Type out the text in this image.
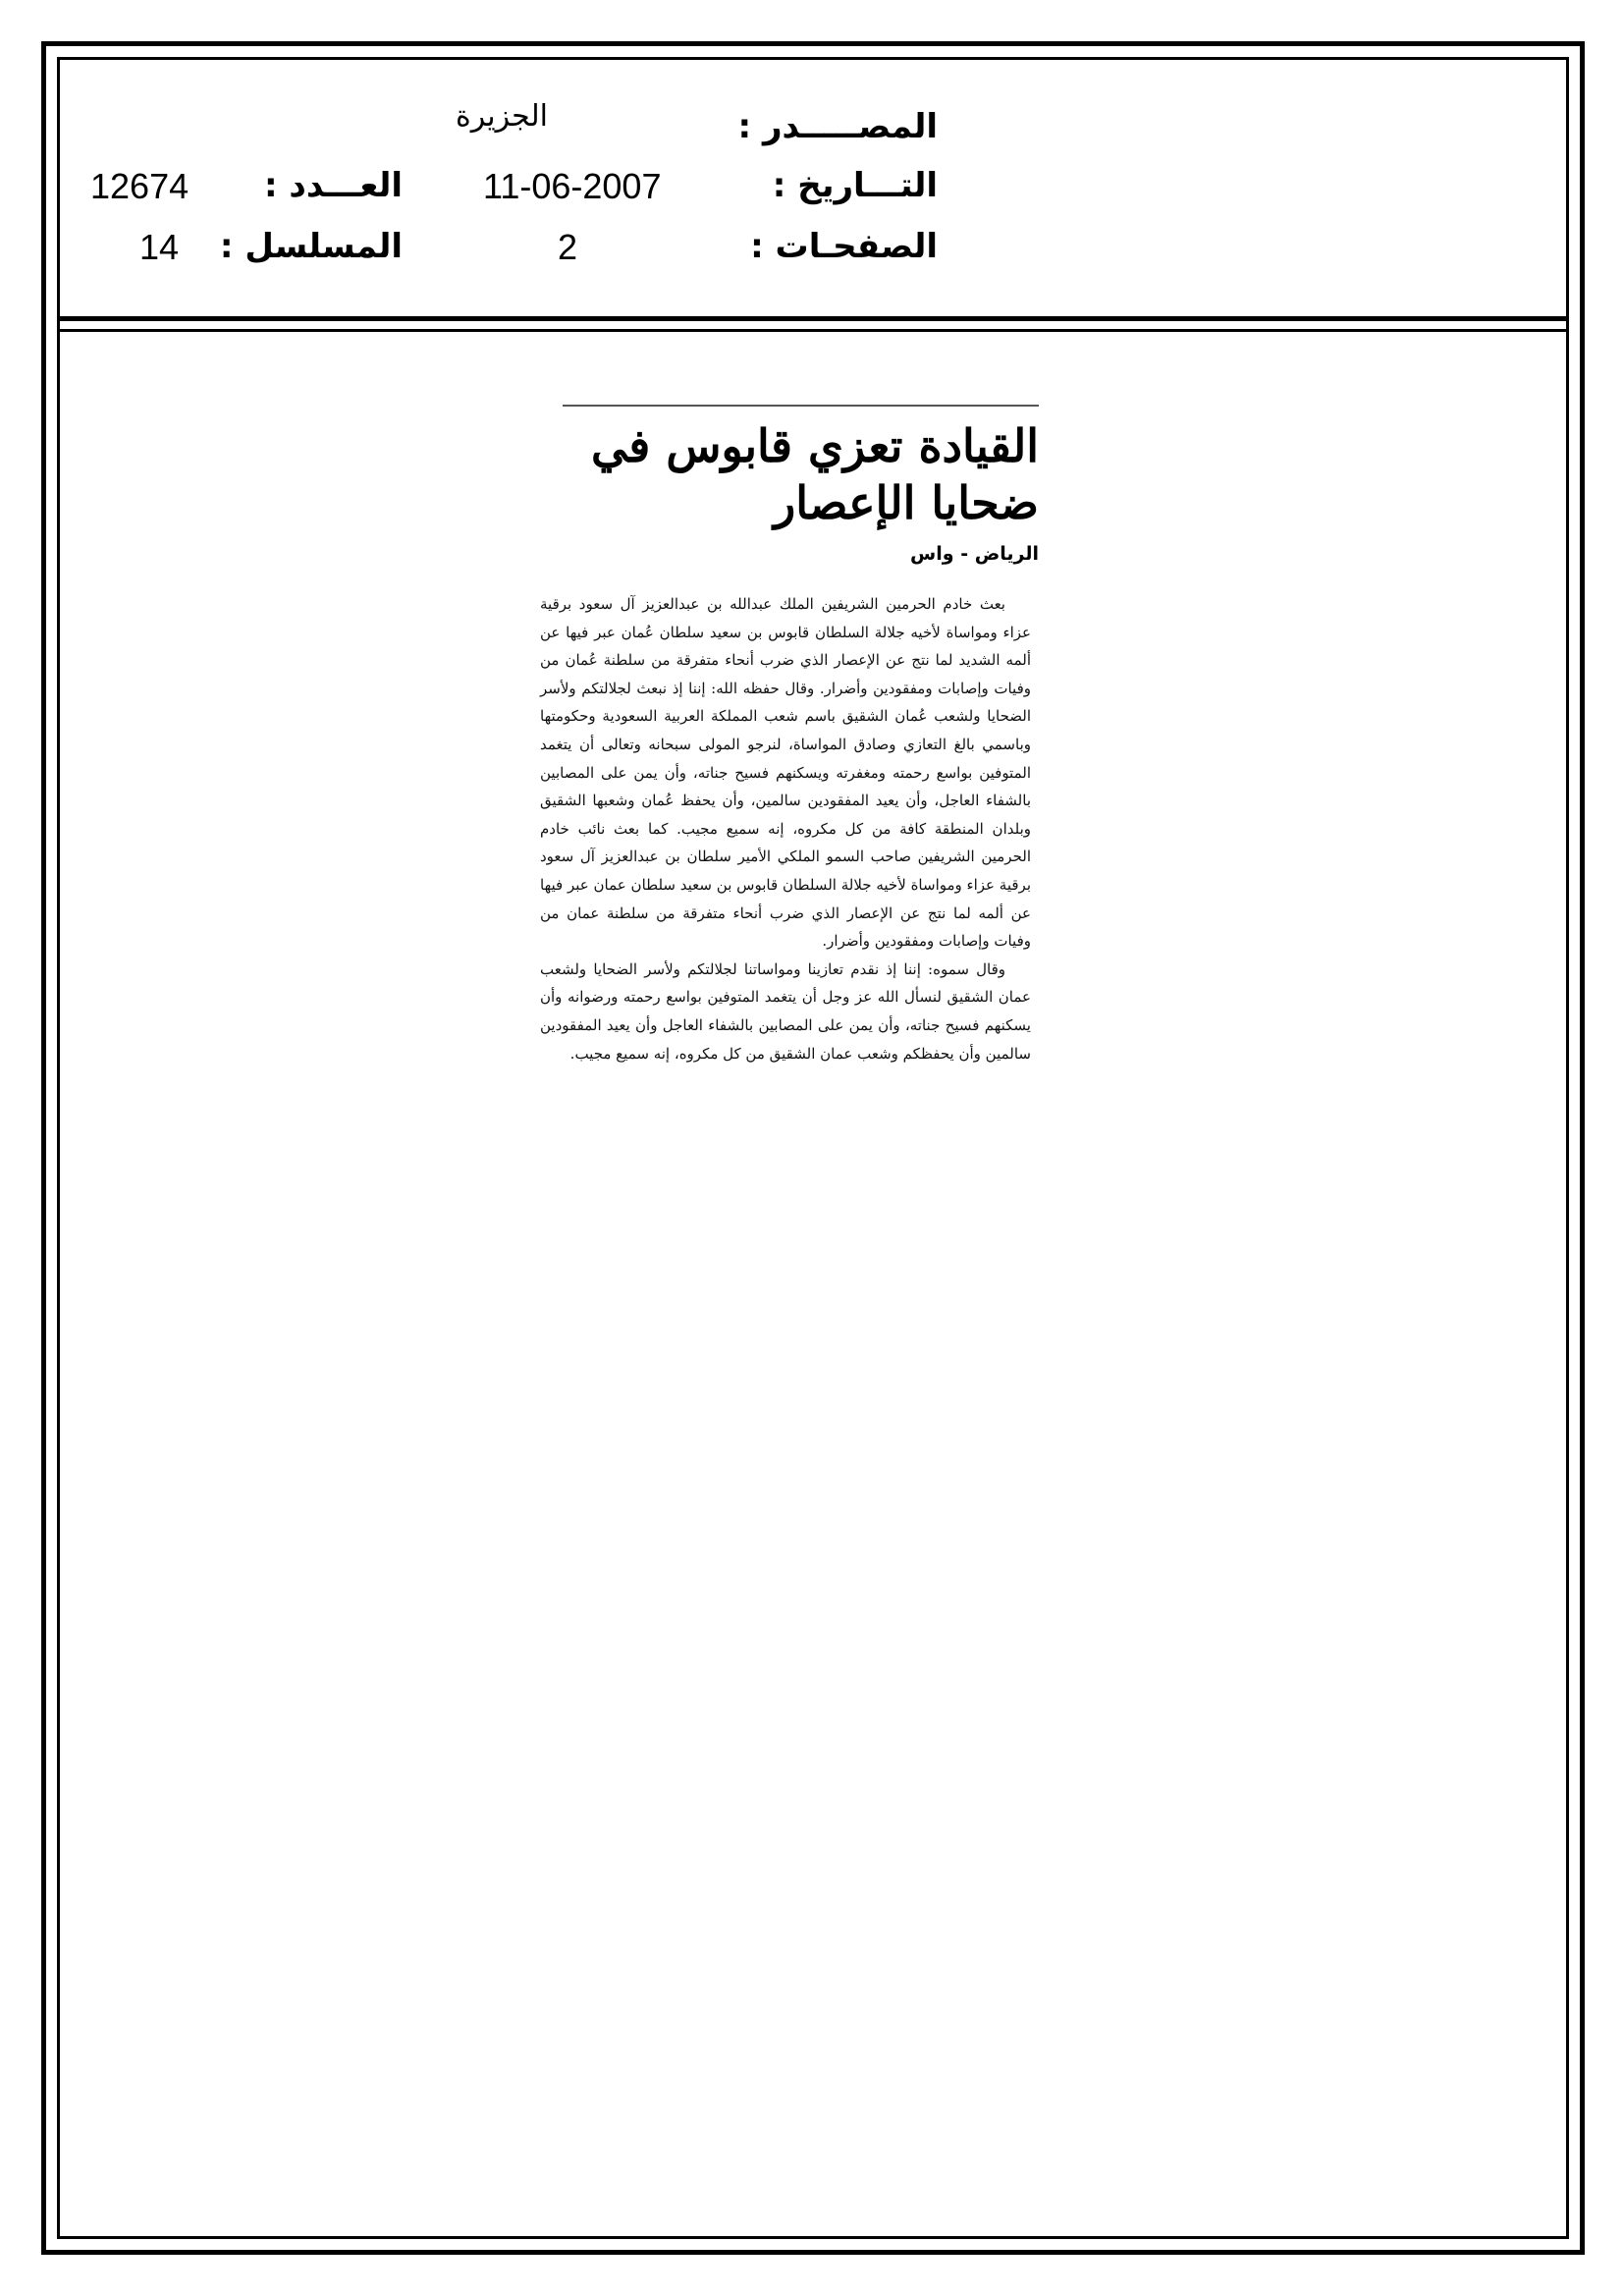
المصـــــدر :
الجزيرة
التـــاريخ :
11-06-2007
العـــدد :
12674
الصفحـات :
2
المسلسل :
14
القيادة تعزي قابوس في ضحايا الإعصار
الرياض - واس

بعث خادم الحرمين الشريفين الملك عبدالله بن عبدالعزيز آل سعود برقية عزاء ومواساة لأخيه جلالة السلطان قابوس بن سعيد سلطان عُمان عبر فيها عن ألمه الشديد لما نتج عن الإعصار الذي ضرب أنحاء متفرقة من سلطنة عُمان من وفيات وإصابات ومفقودين وأضرار. وقال حفظه الله: إننا إذ نبعث لجلالتكم ولأسر الضحايا ولشعب عُمان الشقيق باسم شعب المملكة العربية السعودية وحكومتها وباسمي بالغ التعازي وصادق المواساة، لنرجو المولى سبحانه وتعالى أن يتغمد المتوفين بواسع رحمته ومغفرته ويسكنهم فسيح جناته، وأن يمن على المصابين بالشفاء العاجل، وأن يعيد المفقودين سالمين، وأن يحفظ عُمان وشعبها الشقيق وبلدان المنطقة كافة من كل مكروه، إنه سميع مجيب. كما بعث نائب خادم الحرمين الشريفين صاحب السمو الملكي الأمير سلطان بن عبدالعزيز آل سعود برقية عزاء ومواساة لأخيه جلالة السلطان قابوس بن سعيد سلطان عمان عبر فيها عن ألمه لما نتج عن الإعصار الذي ضرب أنحاء متفرقة من سلطنة عمان من وفيات وإصابات ومفقودين وأضرار.

وقال سموه: إننا إذ نقدم تعازينا ومواساتنا لجلالتكم ولأسر الضحايا ولشعب عمان الشقيق لنسأل الله عز وجل أن يتغمد المتوفين بواسع رحمته ورضوانه وأن يسكنهم فسيح جناته، وأن يمن على المصابين بالشفاء العاجل وأن يعيد المفقودين سالمين وأن يحفظكم وشعب عمان الشقيق من كل مكروه، إنه سميع مجيب.
